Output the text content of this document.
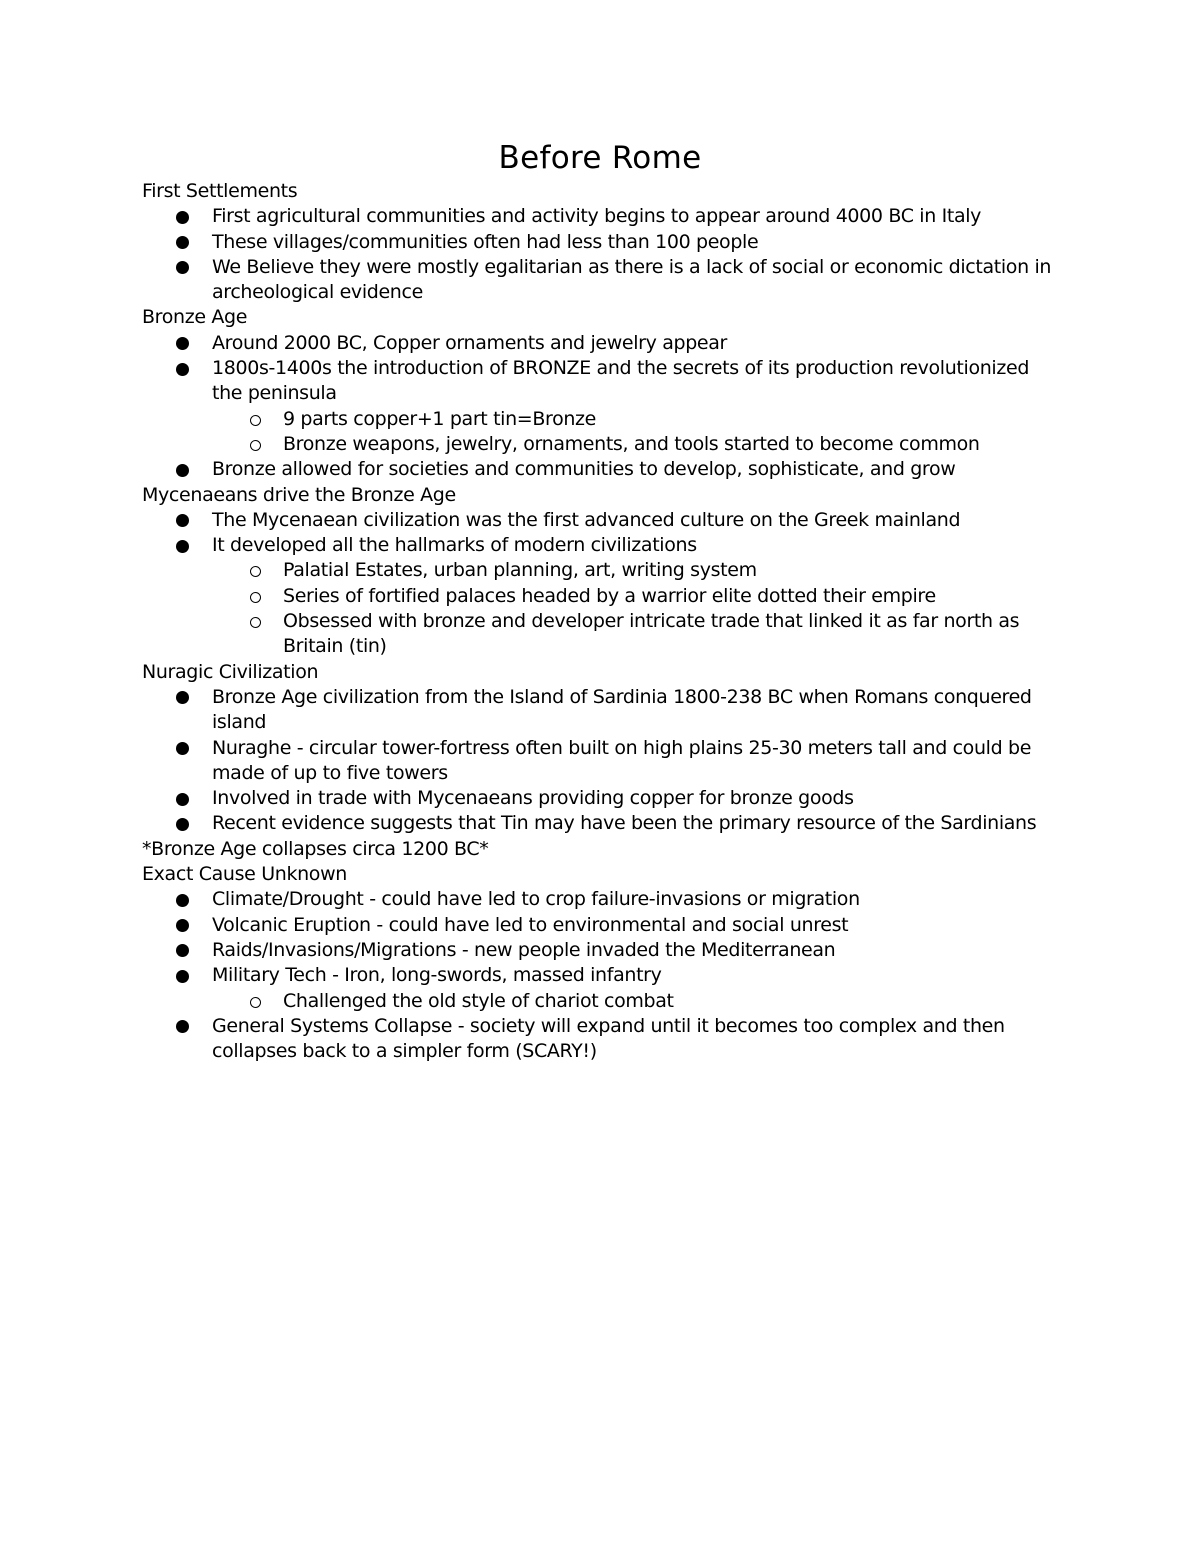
Before Rome
First Settlements
First agricultural communities and activity begins to appear around 4000 BC in Italy
These villages/communities often had less than 100 people
We Believe they were mostly egalitarian as there is a lack of social or economic dictation in archeological evidence
Bronze Age
Around 2000 BC, Copper ornaments and jewelry appear
1800s-1400s the introduction of BRONZE and the secrets of its production revolutionized the peninsula
9 parts copper+1 part tin=Bronze
Bronze weapons, jewelry, ornaments, and tools started to become common
Bronze allowed for societies and communities to develop, sophisticate, and grow
Mycenaeans drive the Bronze Age
The Mycenaean civilization was the first advanced culture on the Greek mainland
It developed all the hallmarks of modern civilizations
Palatial Estates, urban planning, art, writing system
Series of fortified palaces headed by a warrior elite dotted their empire
Obsessed with bronze and developer intricate trade that linked it as far north as Britain (tin)
Nuragic Civilization
Bronze Age civilization from the Island of Sardinia 1800-238 BC when Romans conquered island
Nuraghe - circular tower-fortress often built on high plains 25-30 meters tall and could be made of up to five towers
Involved in trade with Mycenaeans providing copper for bronze goods
Recent evidence suggests that Tin may have been the primary resource of the Sardinians
*Bronze Age collapses circa 1200 BC*
Exact Cause Unknown
Climate/Drought - could have led to crop failure-invasions or migration
Volcanic Eruption - could have led to environmental and social unrest
Raids/Invasions/Migrations - new people invaded the Mediterranean
Military Tech - Iron, long-swords, massed infantry
Challenged the old style of chariot combat
General Systems Collapse - society will expand until it becomes too complex and then collapses back to a simpler form (SCARY!)
